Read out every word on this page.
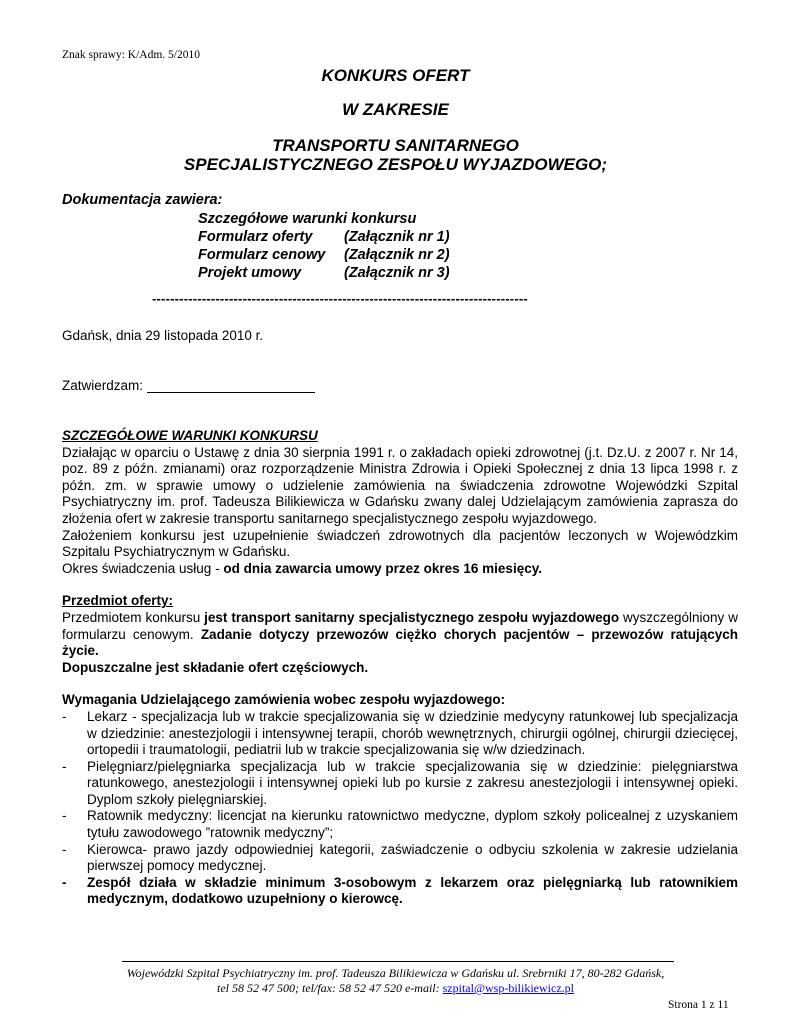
Znak sprawy: K/Adm. 5/2010
KONKURS OFERT
W ZAKRESIE
TRANSPORTU SANITARNEGO
SPECJALISTYCZNEGO ZESPOŁU WYJAZDOWEGO;
Dokumentacja zawiera:
Szczegółowe warunki konkursu
Formularz oferty	(Załącznik nr 1)
Formularz cenowy	(Załącznik nr 2)
Projekt umowy	(Załącznik nr 3)
-----------------------------------------------------------------------------------
Gdańsk, dnia 29 listopada 2010 r.
Zatwierdzam:

SZCZEGÓŁOWE WARUNKI KONKURSU

Działając w oparciu o Ustawę z dnia 30 sierpnia 1991 r. o zakładach opieki zdrowotnej (j.t. Dz.U. z 2007 r. Nr 14, poz. 89 z późn. zmianami) oraz rozporządzenie Ministra Zdrowia i Opieki Społecznej z dnia 13 lipca 1998 r. z późn. zm. w sprawie umowy o udzielenie zamówienia na świadczenia zdrowotne Wojewódzki Szpital Psychiatryczny im. prof. Tadeusza Bilikiewicza w Gdańsku zwany dalej Udzielającym zamówienia zaprasza do złożenia ofert w zakresie transportu sanitarnego specjalistycznego zespołu wyjazdowego.

Założeniem konkursu jest uzupełnienie świadczeń zdrowotnych dla pacjentów leczonych w Wojewódzkim Szpitalu Psychiatrycznym w Gdańsku.

Okres świadczenia usług - od dnia zawarcia umowy przez okres 16 miesięcy.

Przedmiot oferty:

Przedmiotem konkursu jest transport sanitarny specjalistycznego zespołu wyjazdowego wyszczególniony w formularzu cenowym. Zadanie dotyczy przewozów ciężko chorych pacjentów – przewozów ratujących życie.

Dopuszczalne jest składanie ofert częściowych.

Wymagania Udzielającego zamówienia wobec zespołu wyjazdowego:

- Lekarz - specjalizacja lub w trakcie specjalizowania się w dziedzinie medycyny ratunkowej lub specjalizacja w dziedzinie: anestezjologii i intensywnej terapii, chorób wewnętrznych, chirurgii ogólnej, chirurgii dziecięcej, ortopedii i traumatologii, pediatrii lub w trakcie specjalizowania się w/w dziedzinach.
- Pielęgniarz/pielęgniarka specjalizacja lub w trakcie specjalizowania się w dziedzinie: pielęgniarstwa ratunkowego, anestezjologii i intensywnej opieki lub po kursie z zakresu anestezjologii i intensywnej opieki. Dyplom szkoły pielęgniarskiej.
- Ratownik medyczny: licencjat na kierunku ratownictwo medyczne, dyplom szkoły policealnej z uzyskaniem tytułu zawodowego ”ratownik medyczny”;
- Kierowca- prawo jazdy odpowiedniej kategorii, zaświadczenie o odbyciu szkolenia w zakresie udzielania pierwszej pomocy medycznej.
- Zespół działa w składzie minimum 3-osobowym z lekarzem oraz pielęgniarką lub ratownikiem medycznym, dodatkowo uzupełniony o kierowcę.
Wojewódzki Szpital Psychiatryczny im. prof. Tadeusza Bilikiewicza w Gdańsku ul. Srebrniki 17, 80-282 Gdańsk,
tel 58 52 47 500; tel/fax: 58 52 47 520 e-mail: szpital@wsp-bilikiewicz.pl
Strona 1 z 11
